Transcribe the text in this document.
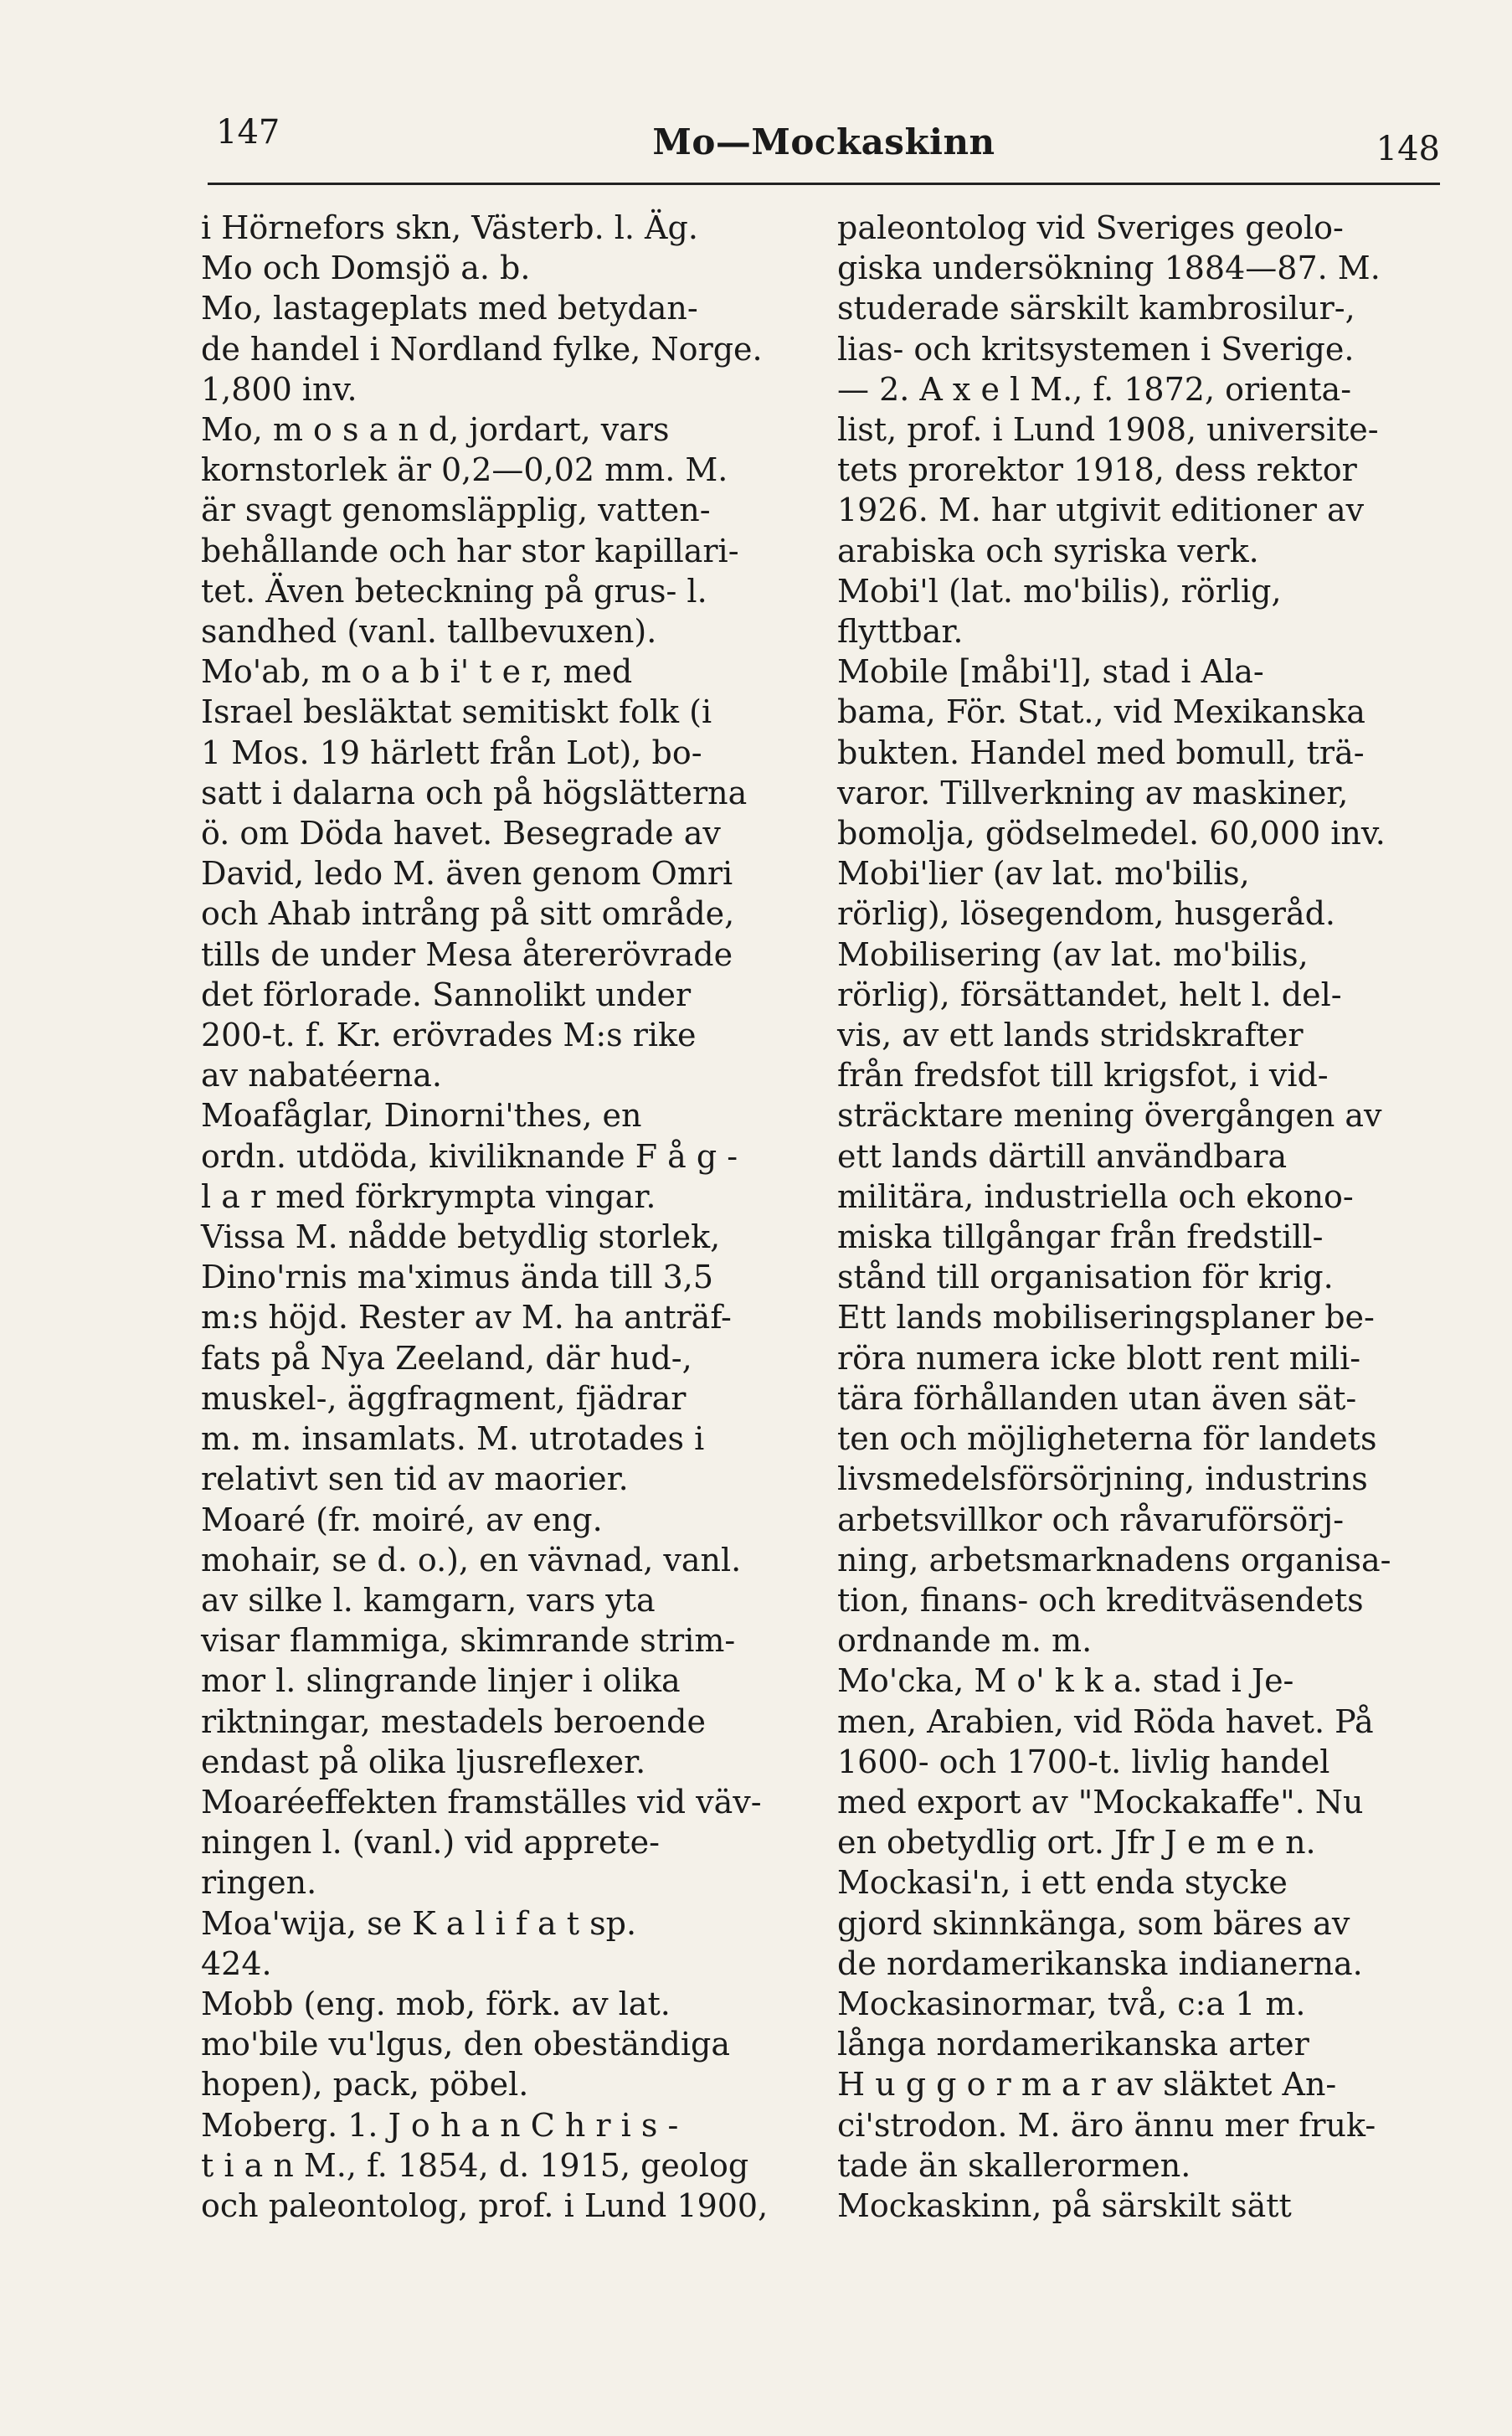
147	Mo—Mockaskinn	148

i Hörnefors skn, Västerb. l. Äg.

Mo och Domsjö a. b.

Mo, lastageplats med betydan-

de handel i Nordland fylke, Norge.

1,800 inv.

Mo, m o s a n d, jordart, vars

kornstorlek är 0,2—0,02 mm. M.

är svagt genomsläpplig, vatten-

behållande och har stor kapillari-

tet. Även beteckning på grus- l.

sandhed (vanl. tallbevuxen).

Mo'ab, m o a b i' t e r, med

Israel besläktat semitiskt folk (i

1 Mos. 19 härlett från Lot), bo-

satt i dalarna och på högslätterna

ö. om Döda havet. Besegrade av

David, ledo M. även genom Omri

och Ahab intrång på sitt område,

tills de under Mesa återerövrade

det förlorade. Sannolikt under

200-t. f. Kr. erövrades M:s rike

av nabatéerna.

Moafåglar, Dinorni'thes, en

ordn. utdöda, kiviliknande F å g -

l a r med förkrympta vingar.

Vissa M. nådde betydlig storlek,

Dino'rnis ma'ximus ända till 3,5

m:s höjd. Rester av M. ha anträf-

fats på Nya Zeeland, där hud-,

muskel-, äggfragment, fjädrar

m. m. insamlats. M. utrotades i

relativt sen tid av maorier.

Moaré (fr. moiré, av eng.

mohair, se d. o.), en vävnad, vanl.

av silke l. kamgarn, vars yta

visar flammiga, skimrande strim-

mor l. slingrande linjer i olika

riktningar, mestadels beroende

endast på olika ljusreflexer.

Moaréeffekten framställes vid väv-

ningen l. (vanl.) vid apprete-

ringen.

Moa'wija, se K a l i f a t sp.

424.

Mobb (eng. mob, förk. av lat.

mo'bile vu'lgus, den obeständiga

hopen), pack, pöbel.

Moberg. 1. J o h a n C h r i s -

t i a n M., f. 1854, d. 1915, geolog

och paleontolog, prof. i Lund 1900,

paleontolog vid Sveriges geolo-

giska undersökning 1884—87. M.

studerade särskilt kambrosilur-,

lias- och kritsystemen i Sverige.

— 2. A x e l M., f. 1872, orienta-

list, prof. i Lund 1908, universite-

tets prorektor 1918, dess rektor

1926. M. har utgivit editioner av

arabiska och syriska verk.

Mobi'l (lat. mo'bilis), rörlig,

flyttbar.

Mobile [måbi'l], stad i Ala-

bama, För. Stat., vid Mexikanska

bukten. Handel med bomull, trä-

varor. Tillverkning av maskiner,

bomolja, gödselmedel. 60,000 inv.

Mobi'lier (av lat. mo'bilis,

rörlig), lösegendom, husgeråd.

Mobilisering (av lat. mo'bilis,

rörlig), försättandet, helt l. del-

vis, av ett lands stridskrafter

från fredsfot till krigsfot, i vid-

sträcktare mening övergången av

ett lands därtill användbara

militära, industriella och ekono-

miska tillgångar från fredstill-

stånd till organisation för krig.

Ett lands mobiliseringsplaner be-

röra numera icke blott rent mili-

tära förhållanden utan även sät-

ten och möjligheterna för landets

livsmedelsförsörjning, industrins

arbetsvillkor och råvaruförsörj-

ning, arbetsmarknadens organisa-

tion, finans- och kreditväsendets

ordnande m. m.

Mo'cka, M o' k k a. stad i Je-

men, Arabien, vid Röda havet. På

1600- och 1700-t. livlig handel

med export av "Mockakaffe". Nu

en obetydlig ort. Jfr J e m e n.

Mockasi'n, i ett enda stycke

gjord skinnkänga, som bäres av

de nordamerikanska indianerna.

Mockasinormar, två, c:a 1 m.

långa nordamerikanska arter

H u g g o r m a r av släktet An-

ci'strodon. M. äro ännu mer fruk-

tade än skallerormen.

Mockaskinn, på särskilt sätt
